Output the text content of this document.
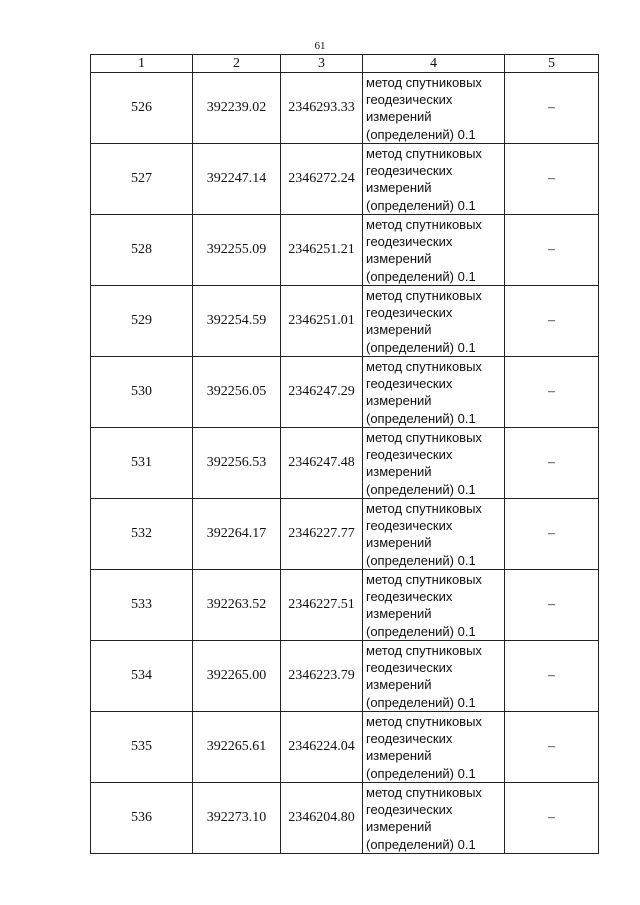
61
1	2	3	4	5
526	392239.02	2346293.33	метод спутниковых геодезических измерений (определений) 0.1	–
527	392247.14	2346272.24	метод спутниковых геодезических измерений (определений) 0.1	–
528	392255.09	2346251.21	метод спутниковых геодезических измерений (определений) 0.1	–
529	392254.59	2346251.01	метод спутниковых геодезических измерений (определений) 0.1	–
530	392256.05	2346247.29	метод спутниковых геодезических измерений (определений) 0.1	–
531	392256.53	2346247.48	метод спутниковых геодезических измерений (определений) 0.1	–
532	392264.17	2346227.77	метод спутниковых геодезических измерений (определений) 0.1	–
533	392263.52	2346227.51	метод спутниковых геодезических измерений (определений) 0.1	–
534	392265.00	2346223.79	метод спутниковых геодезических измерений (определений) 0.1	–
535	392265.61	2346224.04	метод спутниковых геодезических измерений (определений) 0.1	–
536	392273.10	2346204.80	метод спутниковых геодезических измерений (определений) 0.1	–
